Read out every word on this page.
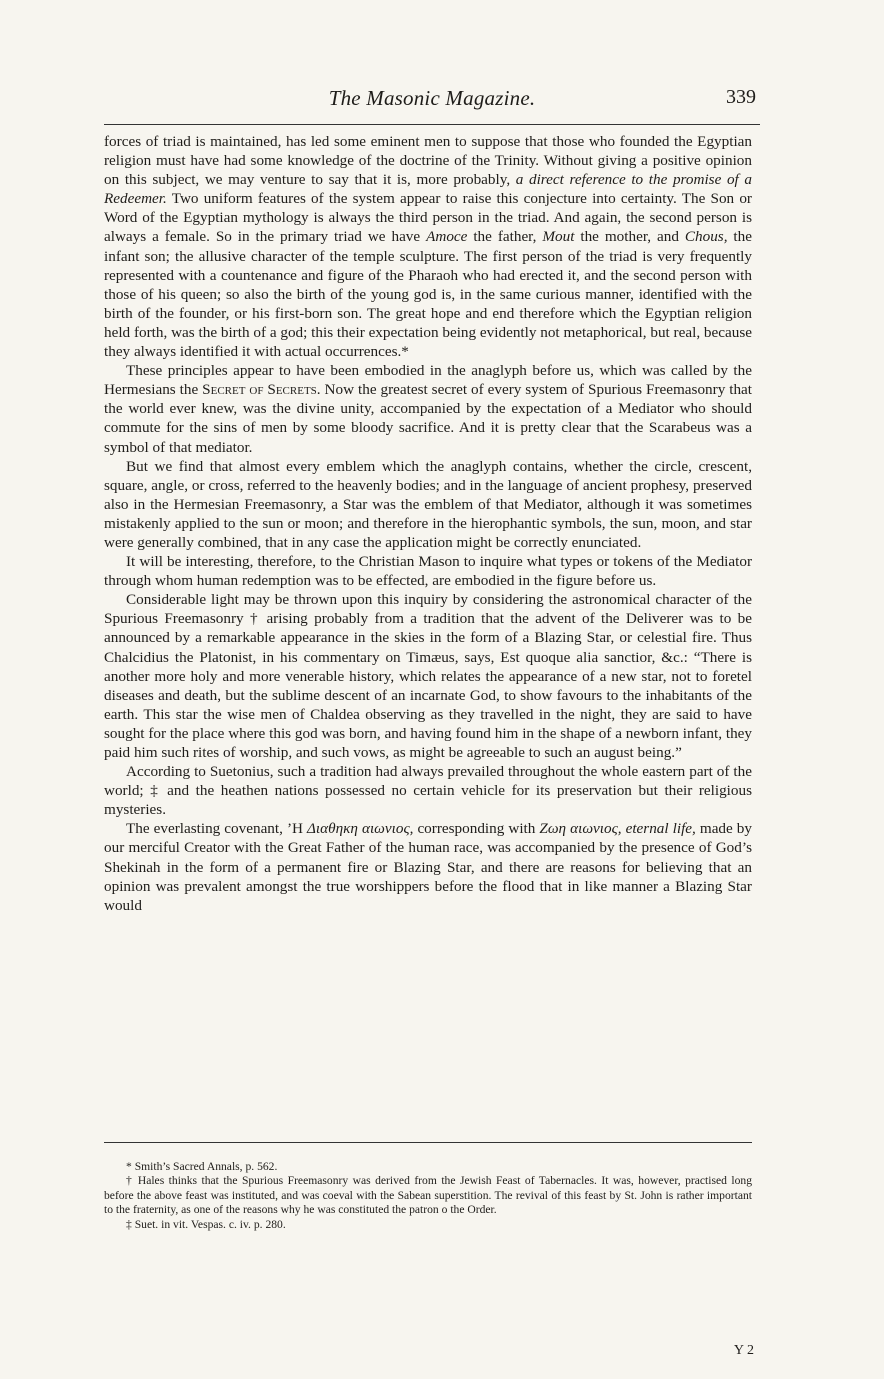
The Masonic Magazine.	339

forces of triad is maintained, has led some eminent men to suppose that those who founded the Egyptian religion must have had some knowledge of the doctrine of the Trinity. Without giving a positive opinion on this subject, we may venture to say that it is, more probably, a direct reference to the promise of a Redeemer. Two uniform features of the system appear to raise this conjecture into certainty. The Son or Word of the Egyptian mythology is always the third person in the triad. And again, the second person is always a female. So in the primary triad we have Amoce the father, Mout the mother, and Chous, the infant son; the allusive character of the temple sculpture. The first person of the triad is very frequently represented with a countenance and figure of the Pharaoh who had erected it, and the second person with those of his queen; so also the birth of the young god is, in the same curious manner, identified with the birth of the founder, or his first-born son. The great hope and end therefore which the Egyptian religion held forth, was the birth of a god; this their expectation being evidently not metaphorical, but real, because they always identified it with actual occurrences.*

These principles appear to have been embodied in the anaglyph before us, which was called by the Hermesians the Secret of Secrets. Now the greatest secret of every system of Spurious Freemasonry that the world ever knew, was the divine unity, accompanied by the expectation of a Mediator who should commute for the sins of men by some bloody sacrifice. And it is pretty clear that the Scarabeus was a symbol of that mediator.

But we find that almost every emblem which the anaglyph contains, whether the circle, crescent, square, angle, or cross, referred to the heavenly bodies; and in the language of ancient prophesy, preserved also in the Hermesian Freemasonry, a Star was the emblem of that Mediator, although it was sometimes mistakenly applied to the sun or moon; and therefore in the hierophantic symbols, the sun, moon, and star were generally combined, that in any case the application might be correctly enunciated.

It will be interesting, therefore, to the Christian Mason to inquire what types or tokens of the Mediator through whom human redemption was to be effected, are embodied in the figure before us.

Considerable light may be thrown upon this inquiry by considering the astronomical character of the Spurious Freemasonry † arising probably from a tradition that the advent of the Deliverer was to be announced by a remarkable appearance in the skies in the form of a Blazing Star, or celestial fire. Thus Chalcidius the Platonist, in his commentary on Timæus, says, Est quoque alia sanctior, &c.: “There is another more holy and more venerable history, which relates the appearance of a new star, not to foretel diseases and death, but the sublime descent of an incarnate God, to show favours to the inhabitants of the earth. This star the wise men of Chaldea observing as they travelled in the night, they are said to have sought for the place where this god was born, and having found him in the shape of a newborn infant, they paid him such rites of worship, and such vows, as might be agreeable to such an august being.”

According to Suetonius, such a tradition had always prevailed throughout the whole eastern part of the world; ‡ and the heathen nations possessed no certain vehicle for its preservation but their religious mysteries.

The everlasting covenant, ’Η Διαθηκη αιωνιος, corresponding with Ζωη αιωνιος, eternal life, made by our merciful Creator with the Great Father of the human race, was accompanied by the presence of God’s Shekinah in the form of a permanent fire or Blazing Star, and there are reasons for believing that an opinion was prevalent amongst the true worshippers before the flood that in like manner a Blazing Star would

* Smith’s Sacred Annals, p. 562.

† Hales thinks that the Spurious Freemasonry was derived from the Jewish Feast of Tabernacles. It was, however, practised long before the above feast was instituted, and was coeval with the Sabean superstition. The revival of this feast by St. John is rather important to the fraternity, as one of the reasons why he was constituted the patron o the Order.

‡ Suet. in vit. Vespas. c. iv. p. 280.

Y 2
